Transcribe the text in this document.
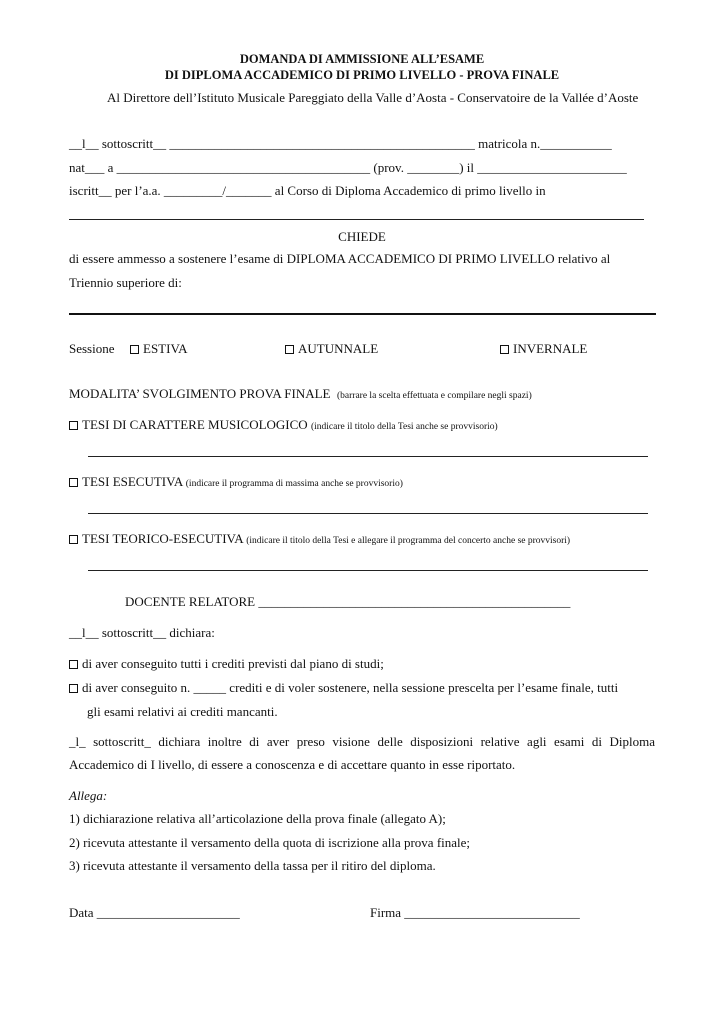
DOMANDA DI AMMISSIONE ALL’ESAME
DI DIPLOMA ACCADEMICO DI PRIMO LIVELLO - PROVA FINALE
Al Direttore dell’Istituto Musicale Pareggiato della Valle d’Aosta - Conservatoire de la Vallée d’Aoste
__l__ sottoscritt__ _______________________________________________ matricola n.___________
nat___ a _______________________________________ (prov. ________) il _______________________
iscritt__ per l’a.a. _________/_______ al Corso di Diploma Accademico di primo livello in
CHIEDE
di essere ammesso a sostenere l’esame di DIPLOMA ACCADEMICO DI PRIMO LIVELLO relativo al
Triennio superiore di:
Sessione	ESTIVA	AUTUNNALE	INVERNALE
MODALITA’ SVOLGIMENTO PROVA FINALE (barrare la scelta effettuata e compilare negli spazi)
TESI DI CARATTERE MUSICOLOGICO (indicare il titolo della Tesi anche se provvisorio)
TESI ESECUTIVA (indicare il programma di massima anche se provvisorio)
TESI TEORICO-ESECUTIVA (indicare il titolo della Tesi e allegare il programma del concerto anche se provvisori)
DOCENTE RELATORE ________________________________________________
__l__ sottoscritt__ dichiara:
di aver conseguito tutti i crediti previsti dal piano di studi;
di aver conseguito n. _____ crediti e di voler sostenere, nella sessione prescelta per l’esame finale, tutti
gli esami relativi ai crediti mancanti.
_l_ sottoscritt_ dichiara inoltre di aver preso visione delle disposizioni relative agli esami di Diploma
Accademico di I livello, di essere a conoscenza e di accettare quanto in esse riportato.
Allega:
1) dichiarazione relativa all’articolazione della prova finale (allegato A);
2) ricevuta attestante il versamento della quota di iscrizione alla prova finale;
3) ricevuta attestante il versamento della tassa per il ritiro del diploma.
Data ______________________	Firma ___________________________
